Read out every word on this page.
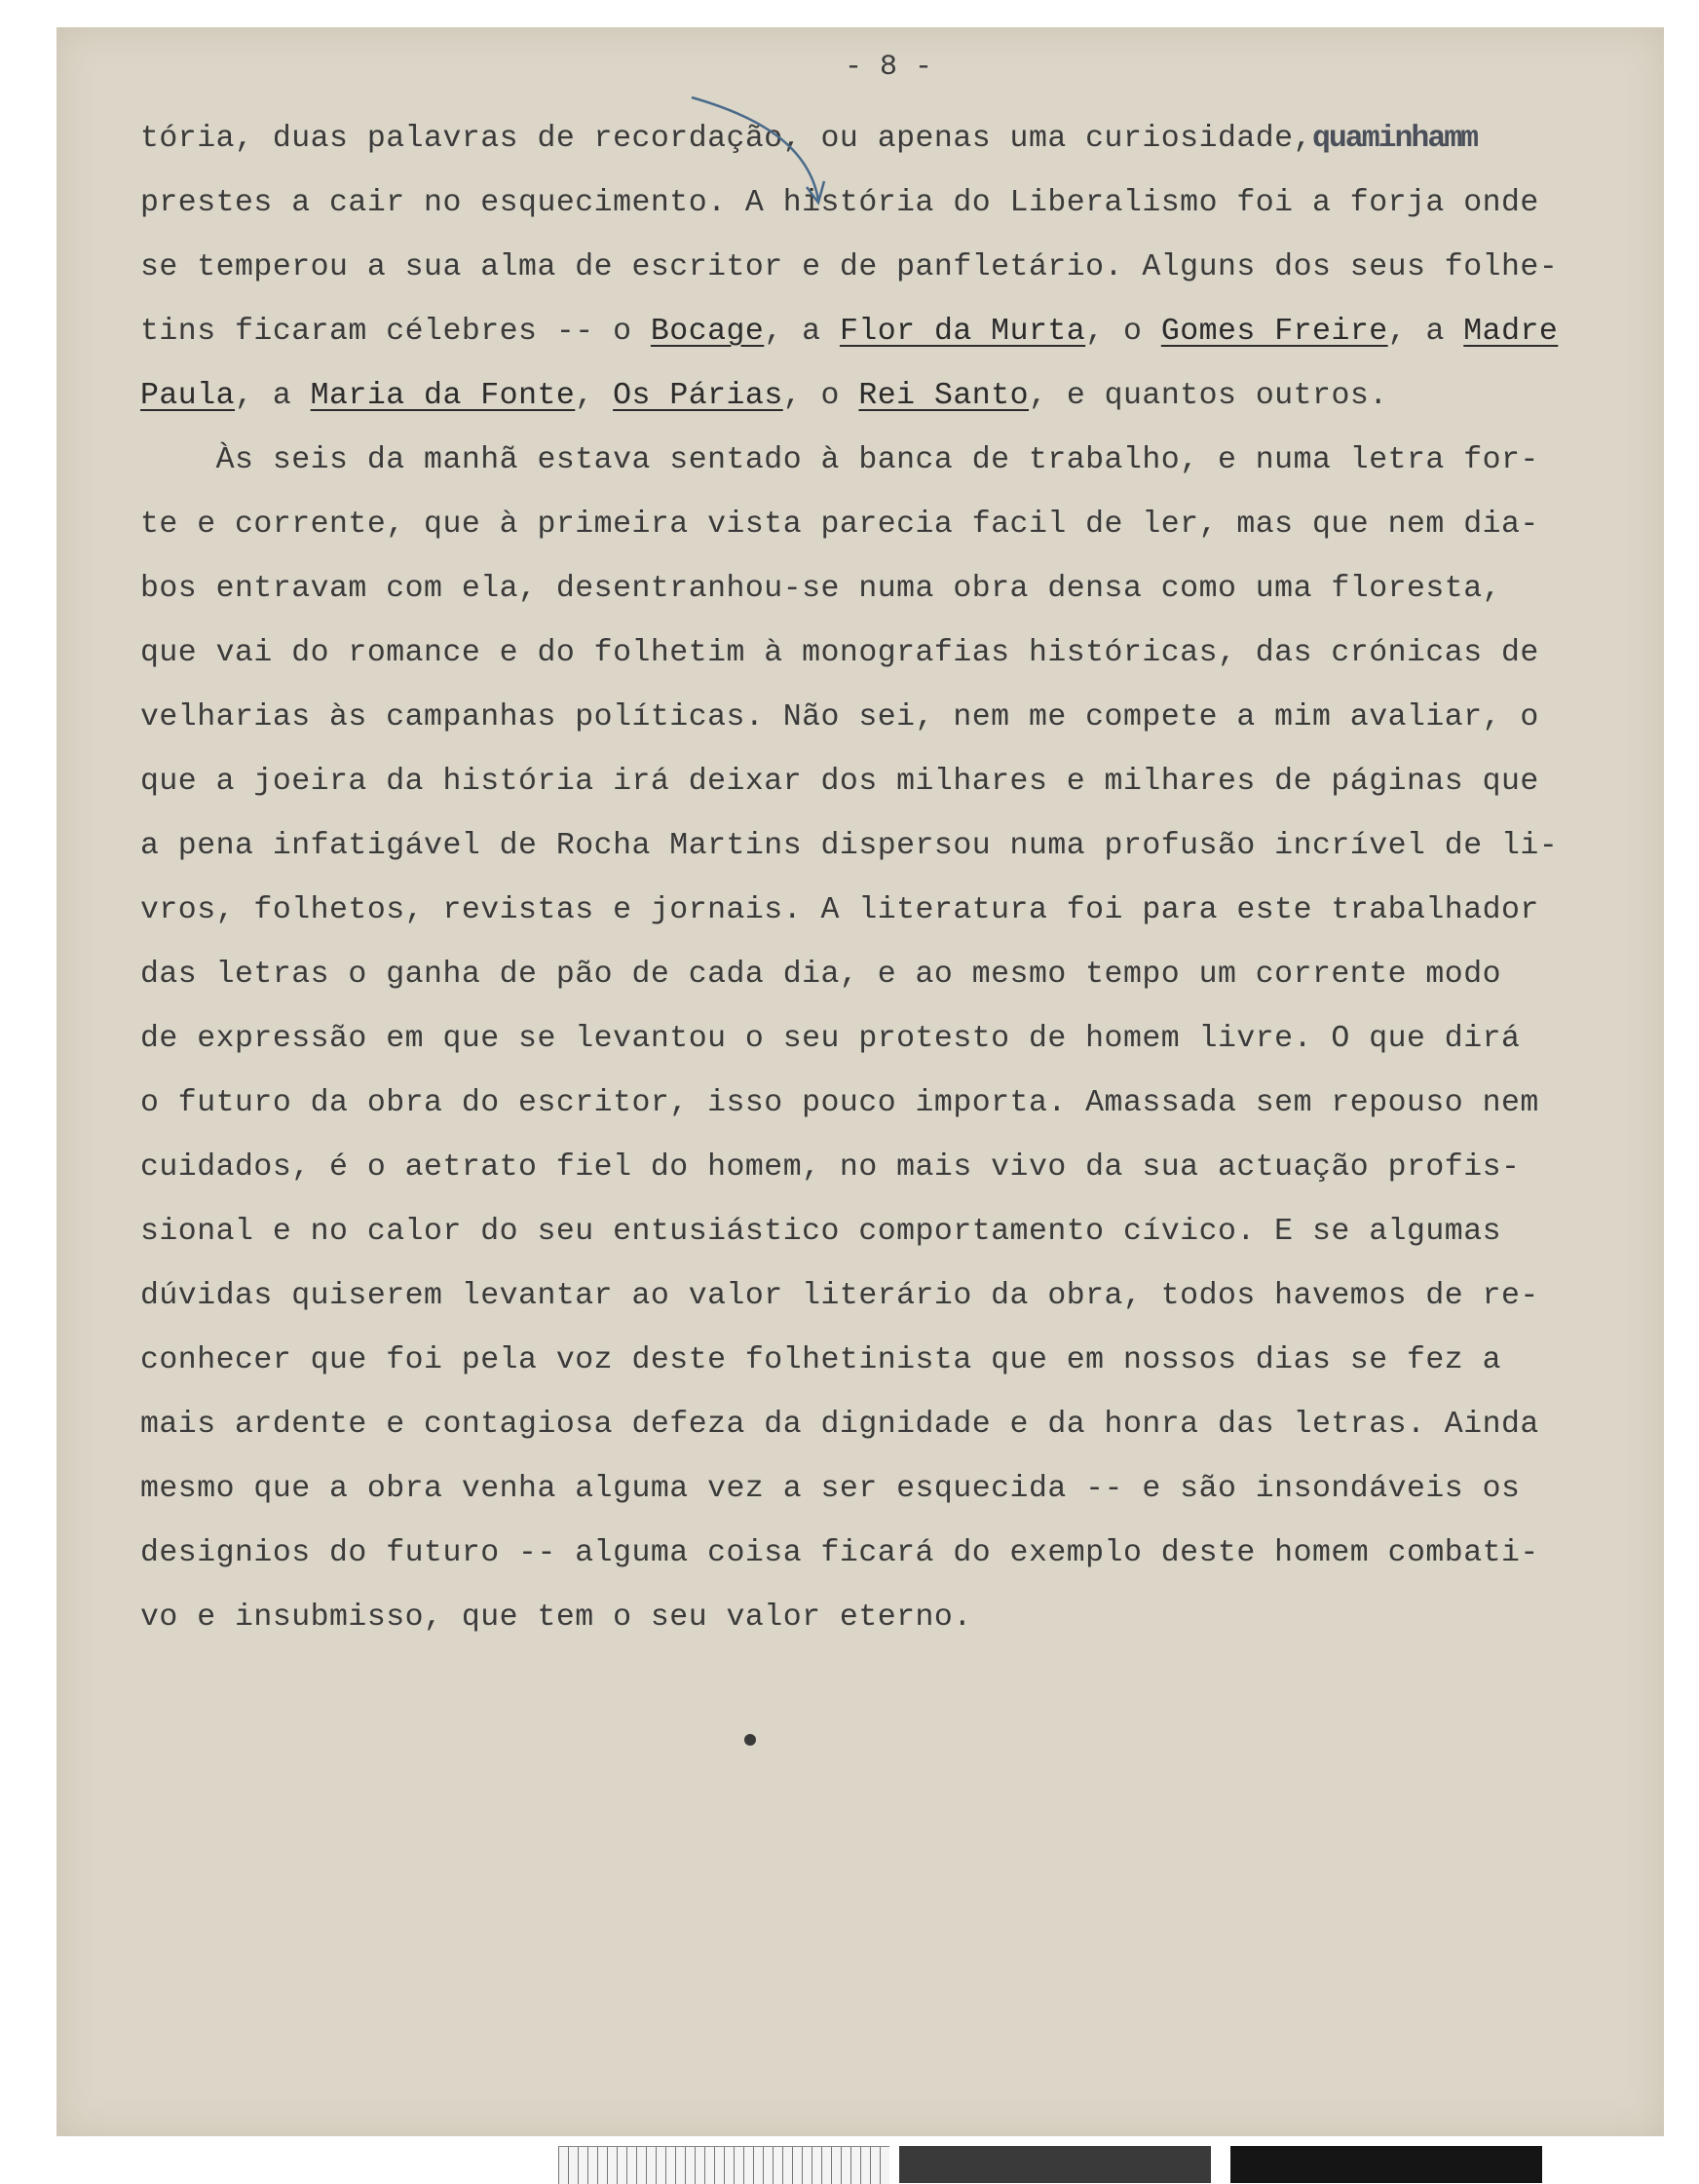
- 8 -
tória, duas palavras de recordação, ou apenas uma curiosidade,quaminhamm
prestes a cair no esquecimento. A história do Liberalismo foi a forja onde
se temperou a sua alma de escritor e de panfletário. Alguns dos seus folhe-
tins ficaram célebres -- o Bocage, a Flor da Murta, o Gomes Freire, a Madre
Paula, a Maria da Fonte, Os Párias, o Rei Santo, e quantos outros.
Às seis da manhã estava sentado à banca de trabalho, e numa letra for-
te e corrente, que à primeira vista parecia facil de ler, mas que nem dia-
bos entravam com ela, desentranhou-se numa obra densa como uma floresta,
que vai do romance e do folhetim à monografias históricas, das crónicas de
velharias às campanhas políticas. Não sei, nem me compete a mim avaliar, o
que a joeira da história irá deixar dos milhares e milhares de páginas que
a pena infatigável de Rocha Martins dispersou numa profusão incrível de li-
vros, folhetos, revistas e jornais. A literatura foi para este trabalhador
das letras o ganha de pão de cada dia, e ao mesmo tempo um corrente modo
de expressão em que se levantou o seu protesto de homem livre. O que dirá
o futuro da obra do escritor, isso pouco importa. Amassada sem repouso nem
cuidados, é o aetrato fiel do homem, no mais vivo da sua actuação profis-
sional e no calor do seu entusiástico comportamento cívico. E se algumas
dúvidas quiserem levantar ao valor literário da obra, todos havemos de re-
conhecer que foi pela voz deste folhetinista que em nossos dias se fez a
mais ardente e contagiosa defeza da dignidade e da honra das letras. Ainda
mesmo que a obra venha alguma vez a ser esquecida -- e são insondáveis os
designios do futuro -- alguma coisa ficará do exemplo deste homem combati-
vo e insubmisso, que tem o seu valor eterno.
